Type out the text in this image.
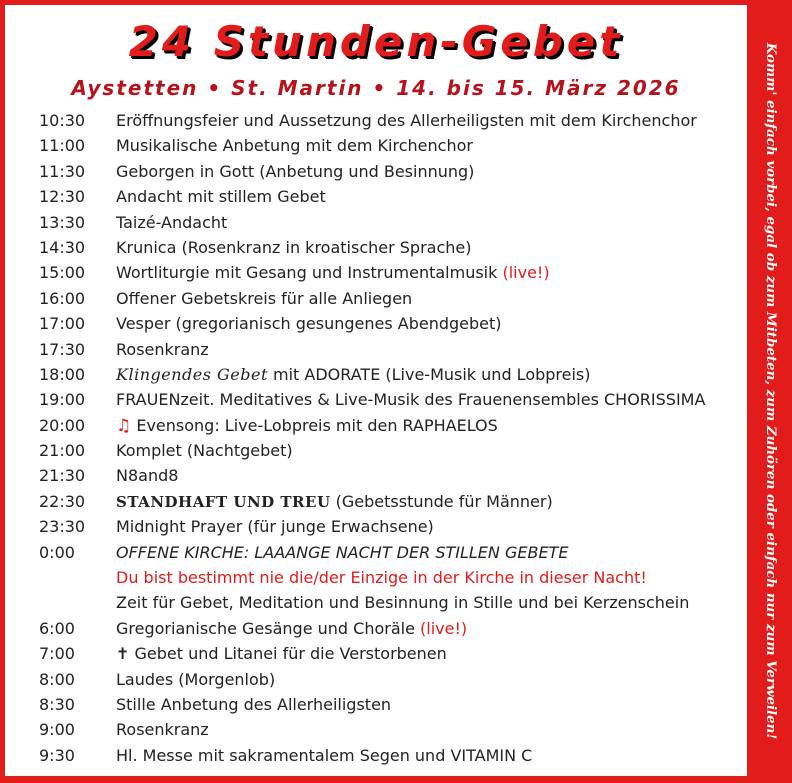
24 Stunden-Gebet
Aystetten • St. Martin • 14. bis 15. März 2026
10:30	Eröffnungsfeier und Aussetzung des Allerheiligsten mit dem Kirchenchor
11:00	Musikalische Anbetung mit dem Kirchenchor
11:30	Geborgen in Gott (Anbetung und Besinnung)
12:30	Andacht mit stillem Gebet
13:30	Taizé-Andacht
14:30	Krunica (Rosenkranz in kroatischer Sprache)
15:00	Wortliturgie mit Gesang und Instrumentalmusik (live!)
16:00	Offener Gebetskreis für alle Anliegen
17:00	Vesper (gregorianisch gesungenes Abendgebet)
17:30	Rosenkranz
18:00	Klingendes Gebet mit ADORATE (Live-Musik und Lobpreis)
19:00	FRAUENzeit. Meditatives & Live-Musik des Frauenensembles CHORISSIMA
20:00	♫ Evensong: Live-Lobpreis mit den RAPHAELOS
21:00	Komplet (Nachtgebet)
21:30	N8and8
22:30	STANDHAFT UND TREU (Gebetsstunde für Männer)
23:30	Midnight Prayer (für junge Erwachsene)
0:00	OFFENE KIRCHE: LAAANGE NACHT DER STILLEN GEBETE
Du bist bestimmt nie die/der Einzige in der Kirche in dieser Nacht!
Zeit für Gebet, Meditation und Besinnung in Stille und bei Kerzenschein
6:00	Gregorianische Gesänge und Choräle (live!)
7:00	✝ Gebet und Litanei für die Verstorbenen
8:00	Laudes (Morgenlob)
8:30	Stille Anbetung des Allerheiligsten
9:00	Rosenkranz
9:30	Hl. Messe mit sakramentalem Segen und VITAMIN C
Komm' einfach vorbei, egal ob zum Mitbeten, zum Zuhören oder einfach nur zum Verweilen!
